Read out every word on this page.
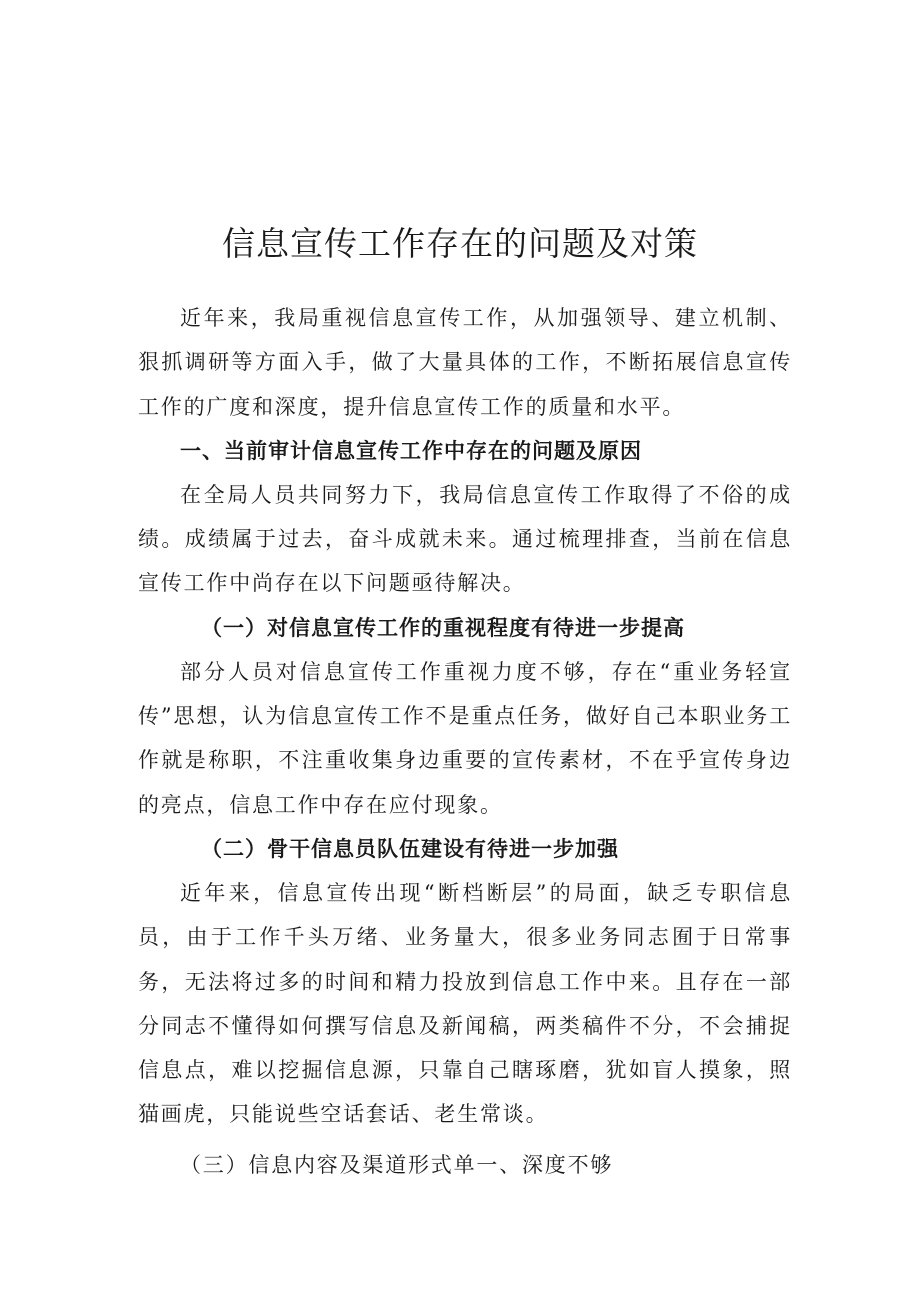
信息宣传工作存在的问题及对策

近年来，我局重视信息宣传工作，从加强领导、建立机制、狠抓调研等方面入手，做了大量具体的工作，不断拓展信息宣传工作的广度和深度，提升信息宣传工作的质量和水平。

一、当前审计信息宣传工作中存在的问题及原因

在全局人员共同努力下，我局信息宣传工作取得了不俗的成绩。成绩属于过去，奋斗成就未来。通过梳理排查，当前在信息宣传工作中尚存在以下问题亟待解决。

（一）对信息宣传工作的重视程度有待进一步提高

部分人员对信息宣传工作重视力度不够，存在“重业务轻宣传”思想，认为信息宣传工作不是重点任务，做好自己本职业务工作就是称职，不注重收集身边重要的宣传素材，不在乎宣传身边的亮点，信息工作中存在应付现象。

（二）骨干信息员队伍建设有待进一步加强

近年来，信息宣传出现“断档断层”的局面，缺乏专职信息员，由于工作千头万绪、业务量大，很多业务同志囿于日常事务，无法将过多的时间和精力投放到信息工作中来。且存在一部分同志不懂得如何撰写信息及新闻稿，两类稿件不分，不会捕捉信息点，难以挖掘信息源，只靠自己瞎琢磨，犹如盲人摸象，照猫画虎，只能说些空话套话、老生常谈。

（三）信息内容及渠道形式单一、深度不够
